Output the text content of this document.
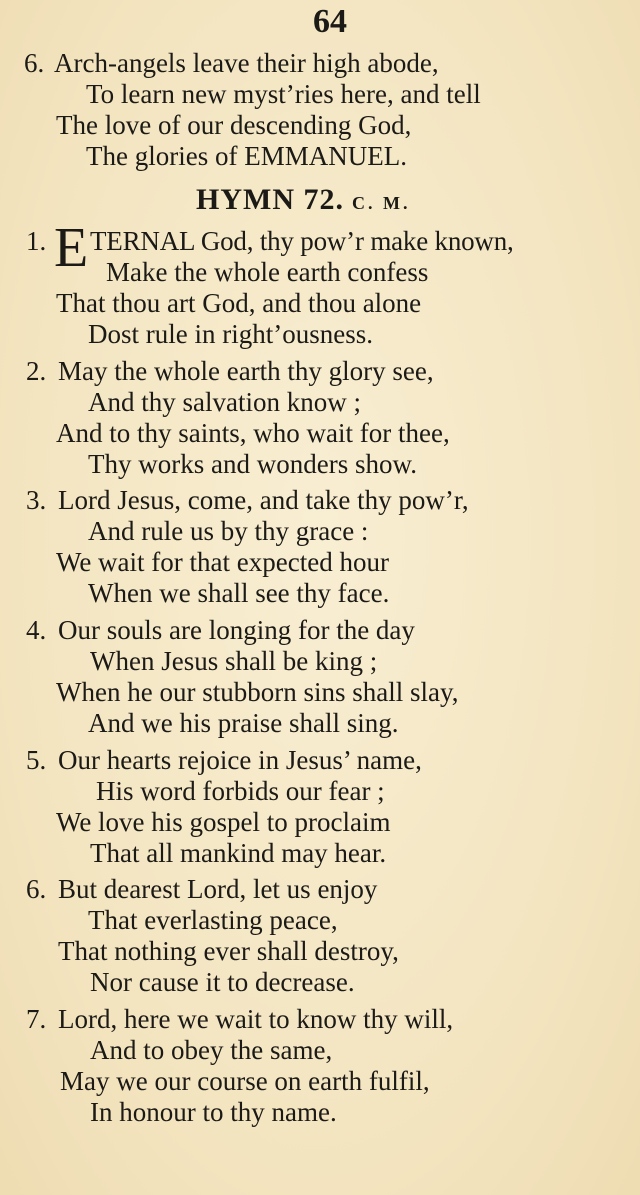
64
6. Arch-angels leave their high abode,
To learn new myst’ries here, and tell
The love of our descending God,
The glories of EMMANUEL.
HYMN 72. C. M.
E
1. TERNAL God, thy pow’r make known,
Make the whole earth confess
That thou art God, and thou alone
Dost rule in right’ousness.
2. May the whole earth thy glory see,
And thy salvation know ;
And to thy saints, who wait for thee,
Thy works and wonders show.
3. Lord Jesus, come, and take thy pow’r,
And rule us by thy grace :
We wait for that expected hour
When we shall see thy face.
4. Our souls are longing for the day
When Jesus shall be king ;
When he our stubborn sins shall slay,
And we his praise shall sing.
5. Our hearts rejoice in Jesus’ name,
His word forbids our fear ;
We love his gospel to proclaim
That all mankind may hear.
6. But dearest Lord, let us enjoy
That everlasting peace,
That nothing ever shall destroy,
Nor cause it to decrease.
7. Lord, here we wait to know thy will,
And to obey the same,
May we our course on earth fulfil,
In honour to thy name.
